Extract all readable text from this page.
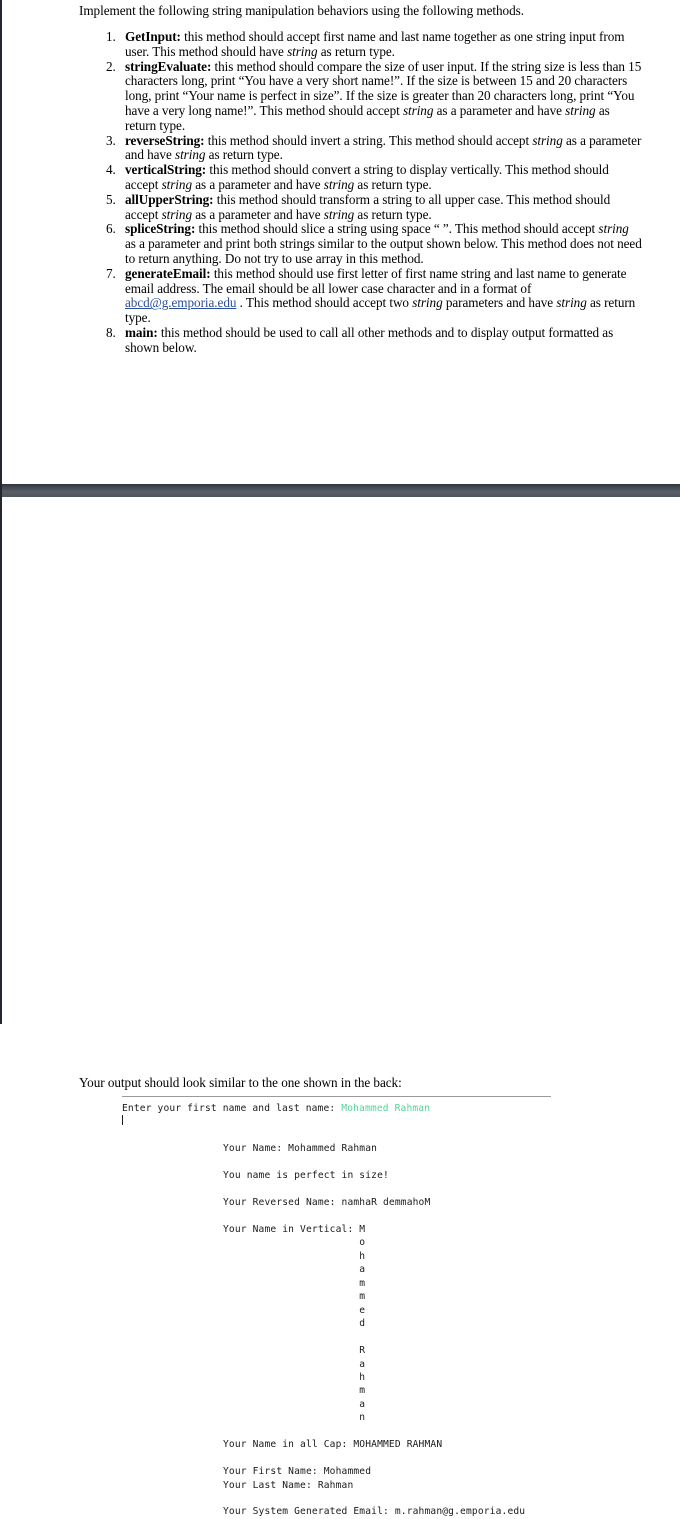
Implement the following string manipulation behaviors using the following methods.
1. GetInput: this method should accept first name and last name together as one string input from user. This method should have string as return type.
2. stringEvaluate: this method should compare the size of user input. If the string size is less than 15 characters long, print “You have a very short name!”. If the size is between 15 and 20 characters long, print “Your name is perfect in size”. If the size is greater than 20 characters long, print “You have a very long name!”. This method should accept string as a parameter and have string as return type.
3. reverseString: this method should invert a string. This method should accept string as a parameter and have string as return type.
4. verticalString: this method should convert a string to display vertically. This method should accept string as a parameter and have string as return type.
5. allUpperString: this method should transform a string to all upper case. This method should accept string as a parameter and have string as return type.
6. spliceString: this method should slice a string using space “ ”. This method should accept string as a parameter and print both strings similar to the output shown below. This method does not need to return anything. Do not try to use array in this method.
7. generateEmail: this method should use first letter of first name string and last name to generate email address. The email should be all lower case character and in a format of abcd@g.emporia.edu . This method should accept two string parameters and have string as return type.
8. main: this method should be used to call all other methods and to display output formatted as shown below.
Your output should look similar to the one shown in the back:
Enter your first name and last name: Mohammed Rahman
Your Name: Mohammed Rahman
You name is perfect in size!
Your Reversed Name: namhaR demmahoM
Your Name in Vertical: M
o
h
a
m
m
e
d
R
a
h
m
a
n
Your Name in all Cap: MOHAMMED RAHMAN
Your First Name: Mohammed
Your Last Name: Rahman
Your System Generated Email: m.rahman@g.emporia.edu
